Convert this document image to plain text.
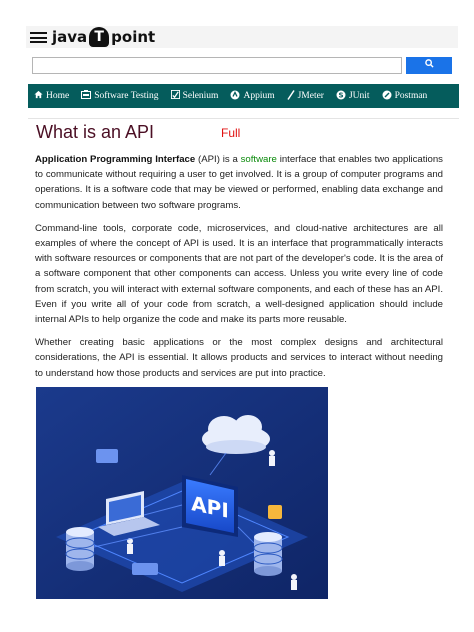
java T point
Home	Software Testing	Selenium	Appium JMeter S JUnit	Postman
What is an API	Full

Application Programming Interface (API) is a software interface that enables two applications to communicate without requiring a user to get involved. It is a group of computer programs and operations. It is a software code that may be viewed or performed, enabling data exchange and communication between two software programs.

Command-line tools, corporate code, microservices, and cloud-native architectures are all examples of where the concept of API is used. It is an interface that programmatically interacts with software resources or components that are not part of the developer's code. It is the area of a software component that other components can access. Unless you write every line of code from scratch, you will interact with external software components, and each of these has an API. Even if you write all of your code from scratch, a well-designed application should include internal APIs to help organize the code and make its parts more reusable.

Whether creating basic applications or the most complex designs and architectural considerations, the API is essential. It allows products and services to interact without needing to understand how those products and services are put into practice.

API
